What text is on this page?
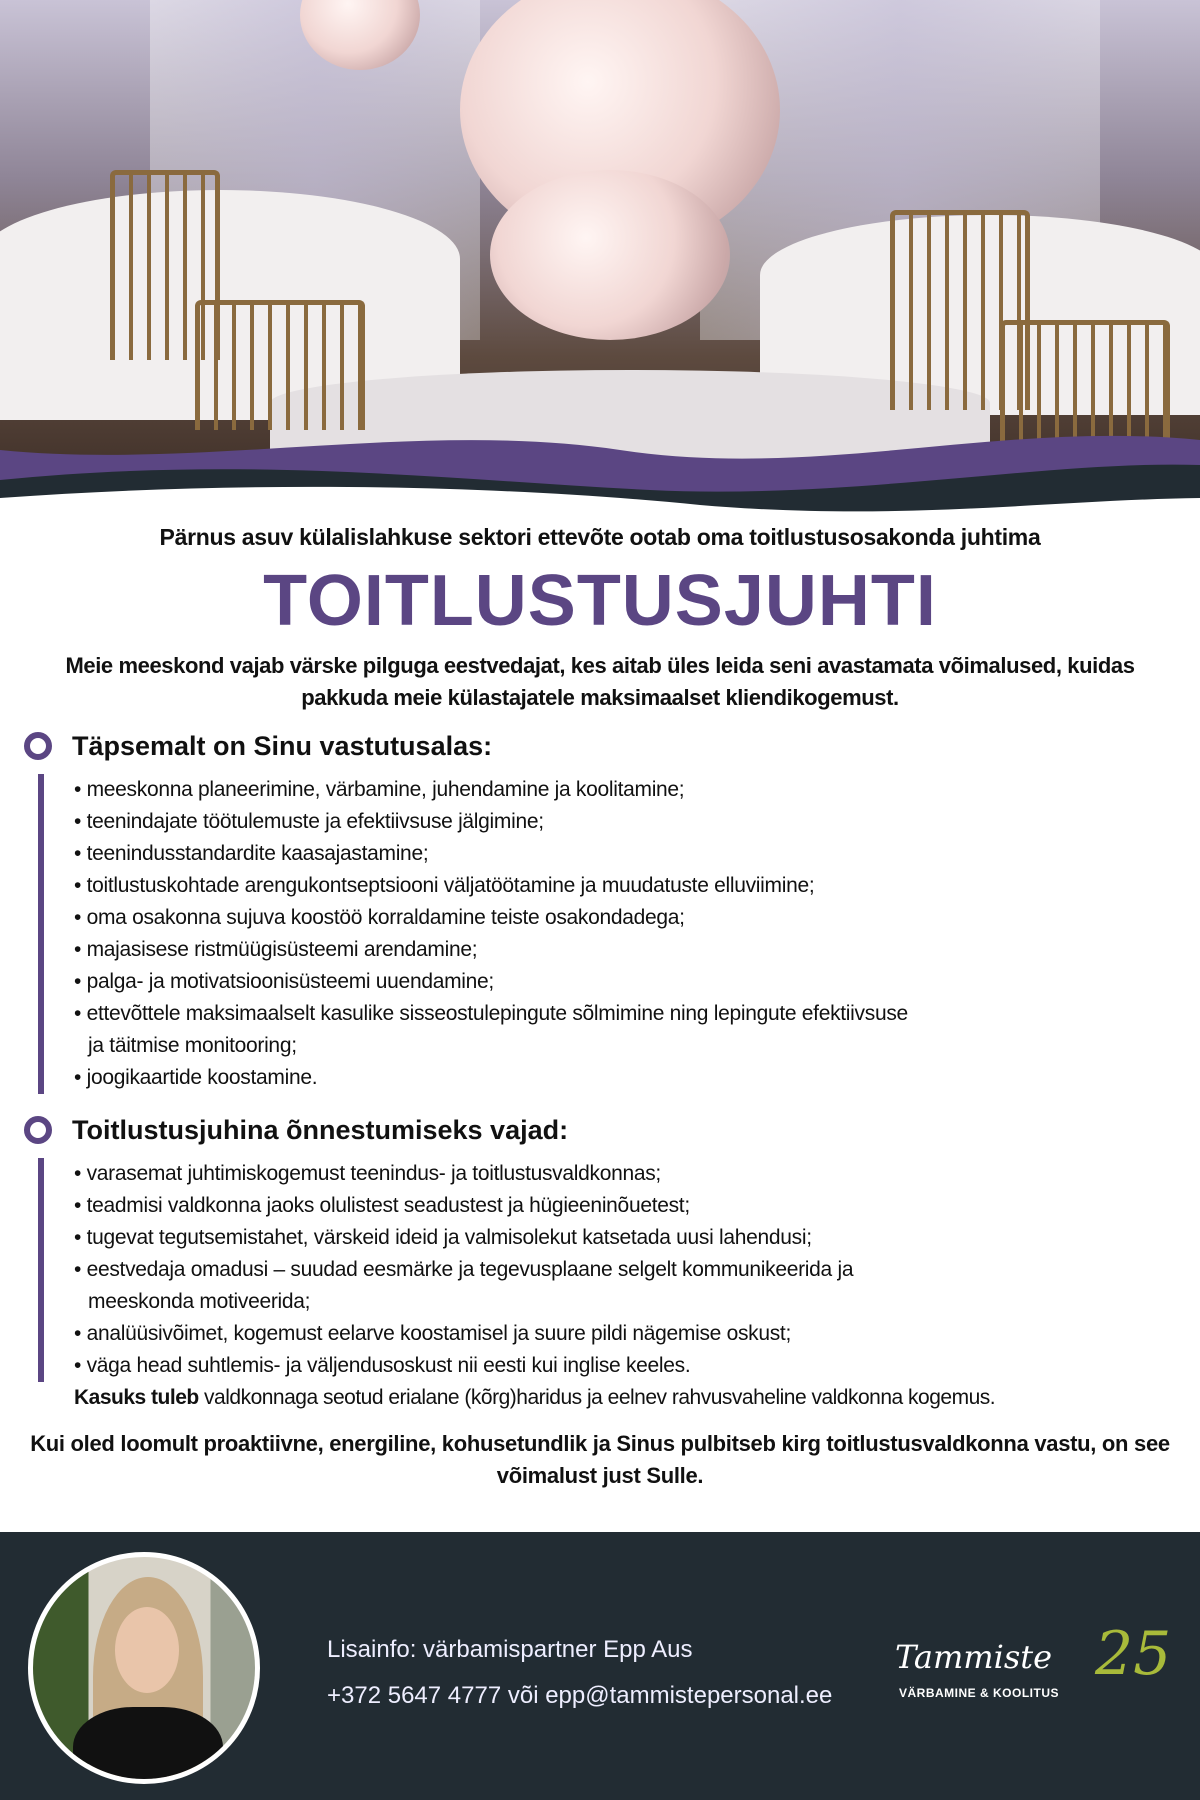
Pärnus asuv külalislahkuse sektori ettevõte ootab oma toitlustusosakonda juhtima
TOITLUSTUSJUHTI
Meie meeskond vajab värske pilguga eestvedajat, kes aitab üles leida seni avastamata võimalused, kuidas pakkuda meie külastajatele maksimaalset kliendikogemust.
Täpsemalt on Sinu vastutusalas:
• meeskonna planeerimine, värbamine, juhendamine ja koolitamine;
• teenindajate töötulemuste ja efektiivsuse jälgimine;
• teenindusstandardite kaasajastamine;
• toitlustuskohtade arengukontseptsiooni väljatöötamine ja muudatuste elluviimine;
• oma osakonna sujuva koostöö korraldamine teiste osakondadega;
• majasisese ristmüügisüsteemi arendamine;
• palga- ja motivatsioonisüsteemi uuendamine;
• ettevõttele maksimaalselt kasulike sisseostulepingute sõlmimine ning lepingute efektiivsuse
ja täitmise monitooring;
• joogikaartide koostamine.
Toitlustusjuhina õnnestumiseks vajad:
• varasemat juhtimiskogemust teenindus- ja toitlustusvaldkonnas;
• teadmisi valdkonna jaoks olulistest seadustest ja hügieeninõuetest;
• tugevat tegutsemistahet, värskeid ideid ja valmisolekut katsetada uusi lahendusi;
• eestvedaja omadusi – suudad eesmärke ja tegevusplaane selgelt kommunikeerida ja
meeskonda motiveerida;
• analüüsivõimet, kogemust eelarve koostamisel ja suure pildi nägemise oskust;
• väga head suhtlemis- ja väljendusoskust nii eesti kui inglise keeles.
Kasuks tuleb valdkonnaga seotud erialane (kõrg)haridus ja eelnev rahvusvaheline valdkonna kogemus.
Kui oled loomult proaktiivne, energiline, kohusetundlik ja Sinus pulbitseb kirg toitlustusvaldkonna vastu, on see võimalust just Sulle.
Lisainfo: värbamispartner Epp Aus
+372 5647 4777 või epp@tammistepersonal.ee
Tammiste 25
VÄRBAMINE & KOOLITUS
